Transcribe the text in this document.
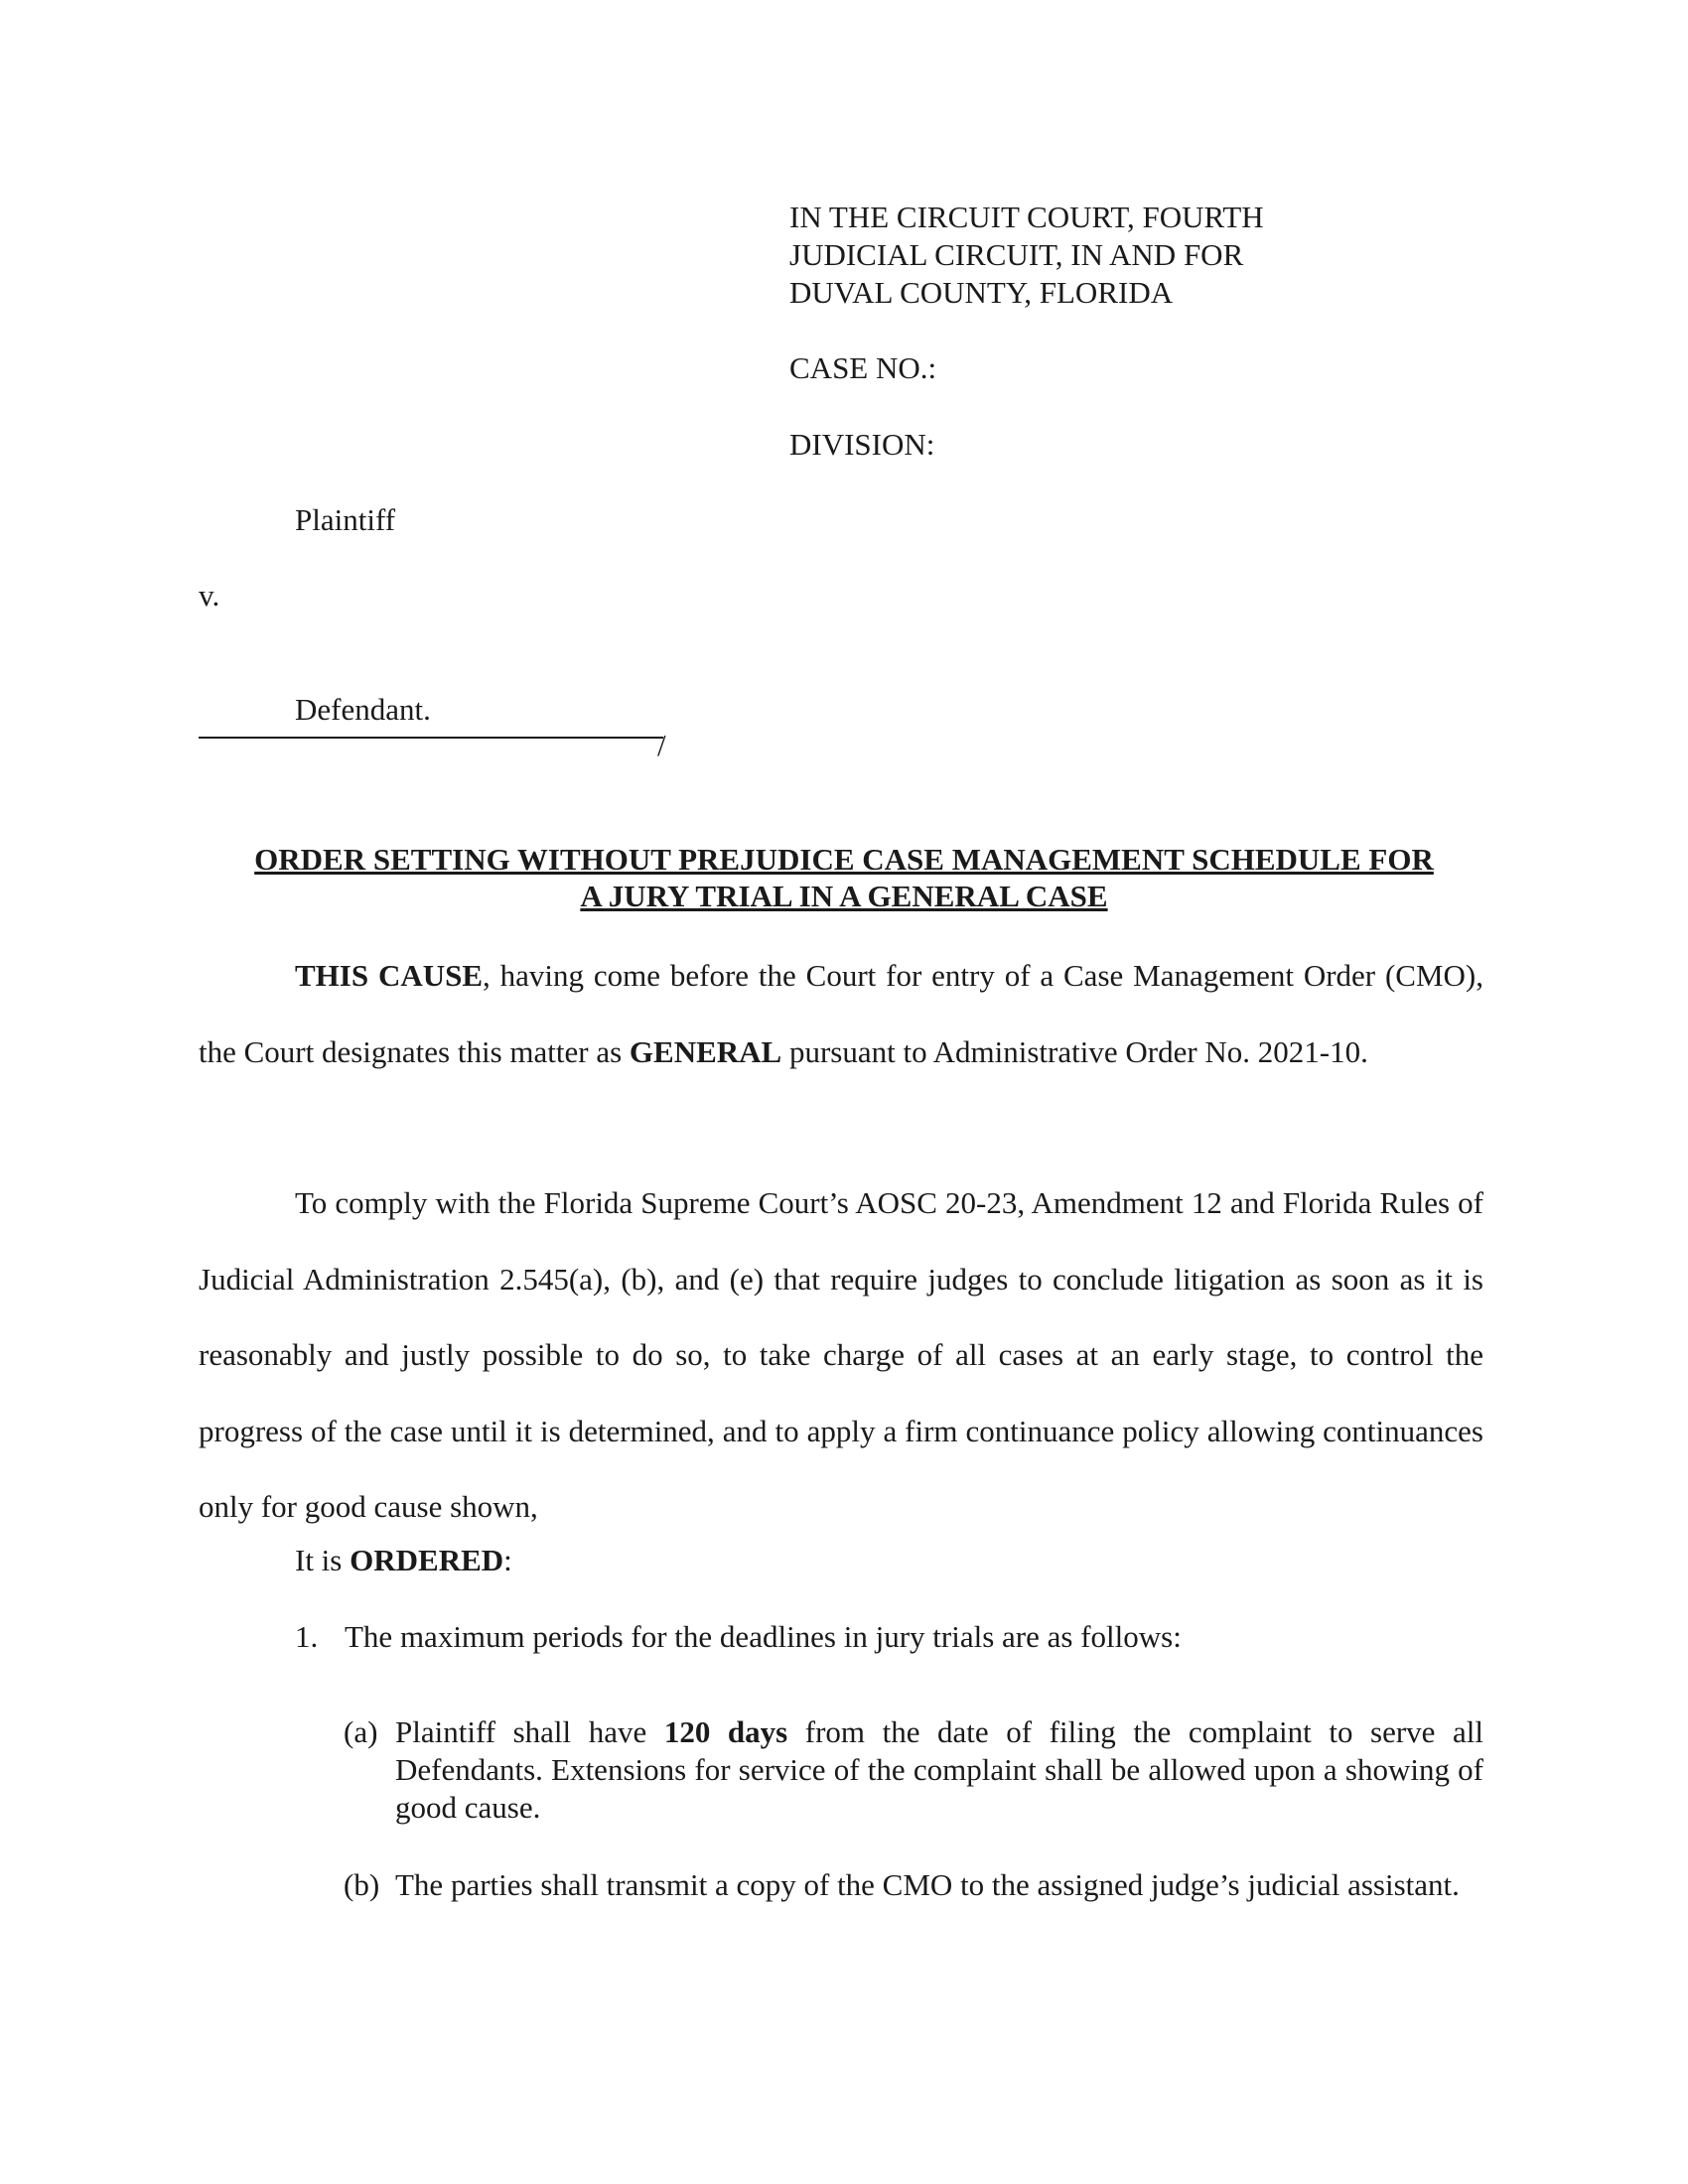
IN THE CIRCUIT COURT, FOURTH
JUDICIAL CIRCUIT, IN AND FOR
DUVAL COUNTY, FLORIDA
CASE NO.:
DIVISION:
Plaintiff
v.
Defendant.
/
ORDER SETTING WITHOUT PREJUDICE CASE MANAGEMENT SCHEDULE FOR
A JURY TRIAL IN A GENERAL CASE

THIS CAUSE, having come before the Court for entry of a Case Management Order (CMO), the Court designates this matter as GENERAL pursuant to Administrative Order No. 2021-10.

To comply with the Florida Supreme Court’s AOSC 20-23, Amendment 12 and Florida Rules of Judicial Administration 2.545(a), (b), and (e) that require judges to conclude litigation as soon as it is reasonably and justly possible to do so, to take charge of all cases at an early stage, to control the progress of the case until it is determined, and to apply a firm continuance policy allowing continuances only for good cause shown,

It is ORDERED:
1. The maximum periods for the deadlines in jury trials are as follows:
(a) Plaintiff shall have 120 days from the date of filing the complaint to serve all Defendants. Extensions for service of the complaint shall be allowed upon a showing of good cause.
(b) The parties shall transmit a copy of the CMO to the assigned judge’s judicial assistant.
